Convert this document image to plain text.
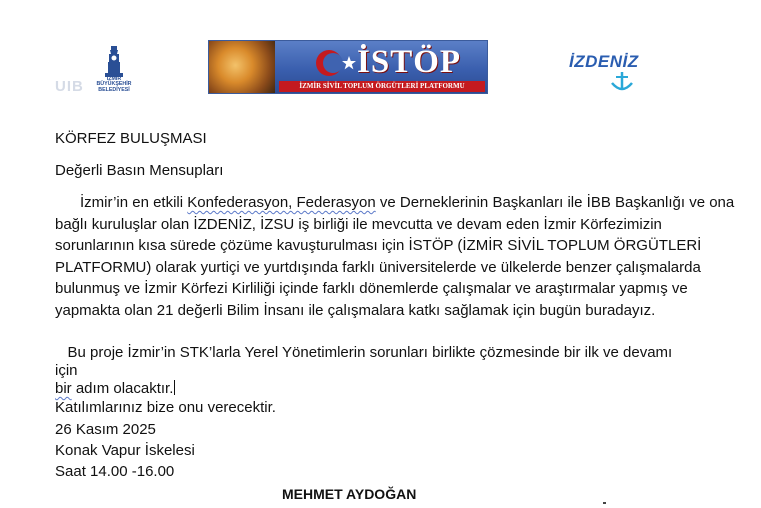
UIB	İZMİR
BÜYÜKŞEHİR
BELEDİYESİ
İSTÖP
İZMİR SİVİL TOPLUM ÖRGÜTLERİ PLATFORMU
İZDENİZ
KÖRFEZ BULUŞMASI
Değerli Basın Mensupları
İzmir’in en etkili Konfederasyon, Federasyon ve Derneklerinin Başkanları ile İBB Başkanlığı ve ona bağlı kuruluşlar olan İZDENİZ, İZSU iş birliği ile mevcutta ve devam eden İzmir Körfezimizin sorunlarının kısa sürede çözüme kavuşturulması için İSTÖP (İZMİR SİVİL TOPLUM ÖRGÜTLERİ PLATFORMU) olarak yurtiçi ve yurtdışında farklı üniversitelerde ve ülkelerde benzer çalışmalarda bulunmuş ve İzmir Körfezi Kirliliği içinde farklı dönemlerde çalışmalar ve araştırmalar yapmış ve yapmakta olan 21 değerli Bilim İnsanı ile çalışmalara katkı sağlamak için bugün buradayız.
Bu proje İzmir’in STK’larla Yerel Yönetimlerin sorunları birlikte çözmesinde bir ilk ve devamı
için
bir adım olacaktır.
Katılımlarınız bize onu verecektir.
26 Kasım 2025
Konak Vapur İskelesi
Saat 14.00 -16.00
MEHMET AYDOĞAN
